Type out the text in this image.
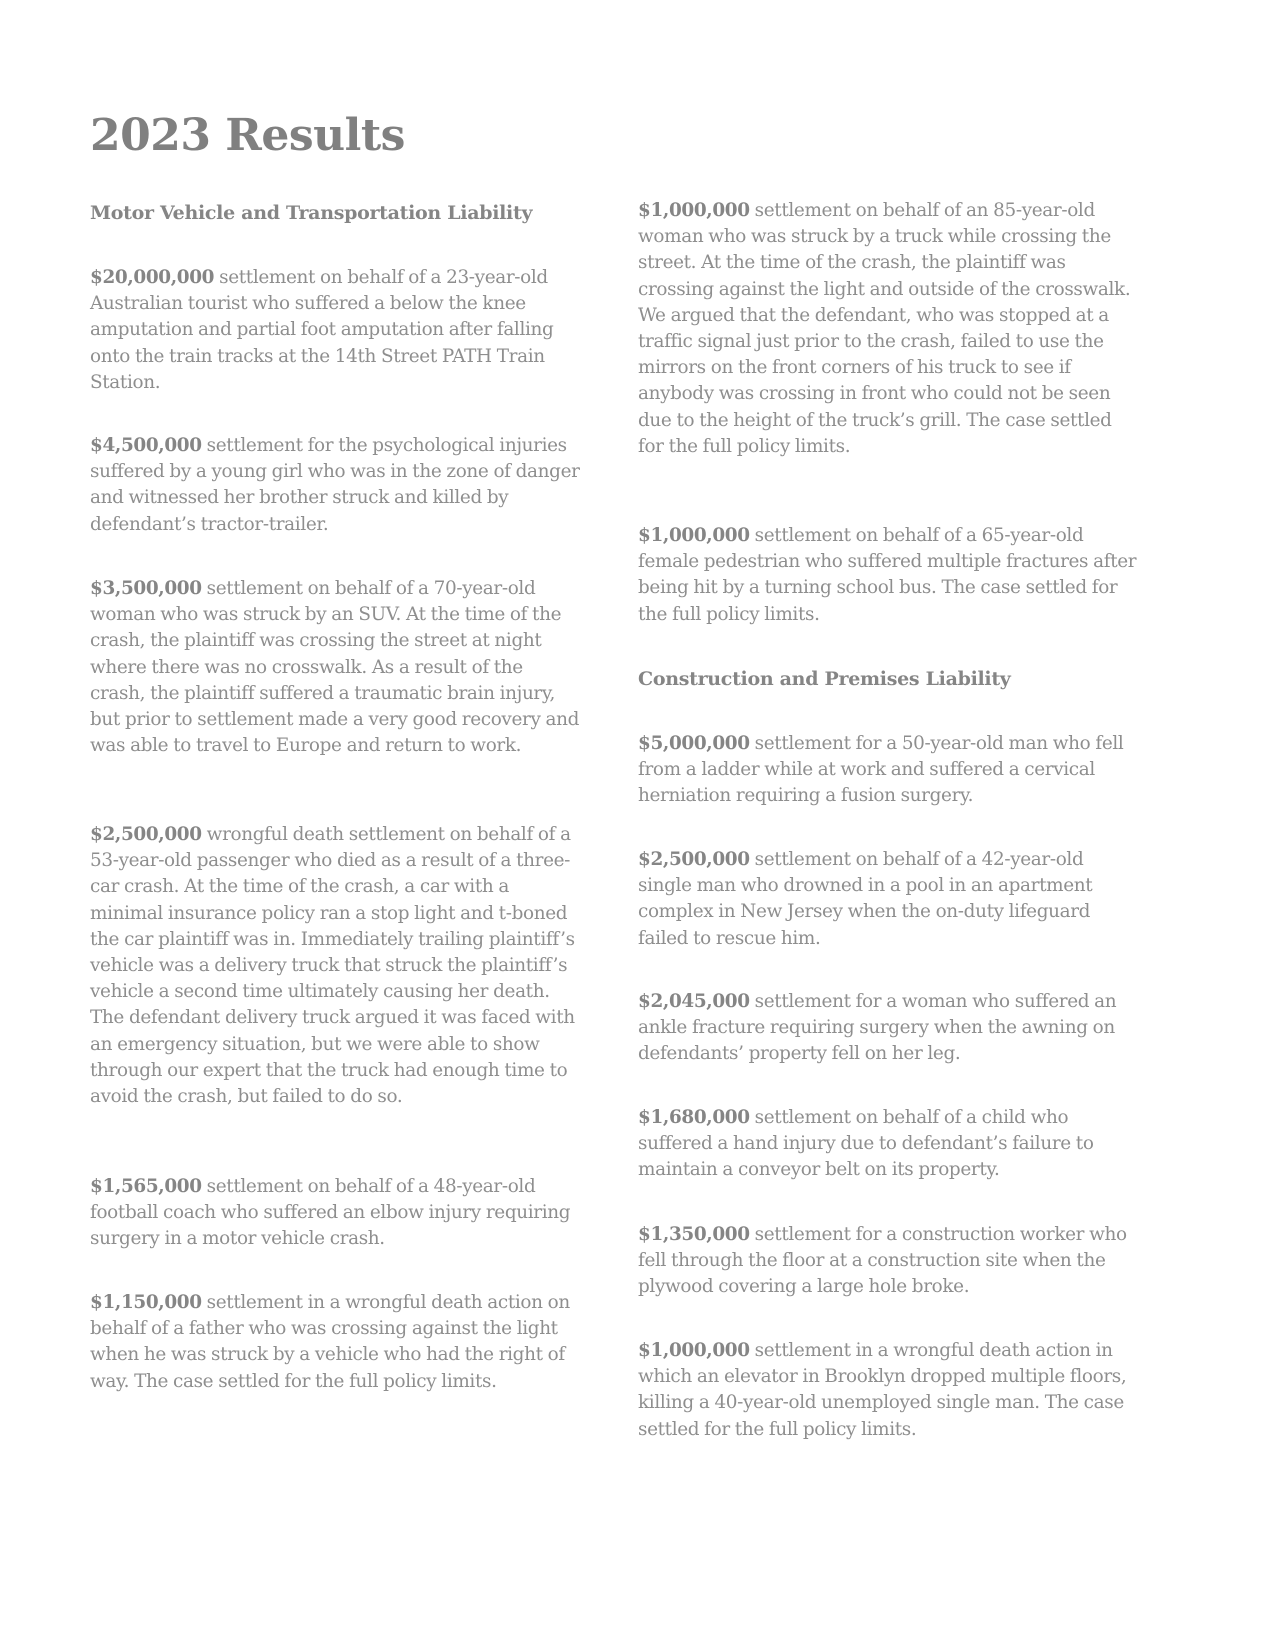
2023 Results
Motor Vehicle and Transportation Liability

$20,000,000 settlement on behalf of a 23-year-old Australian tourist who suffered a below the knee amputation and partial foot amputation after falling onto the train tracks at the 14th Street PATH Train Station.

$4,500,000 settlement for the psychological injuries suffered by a young girl who was in the zone of danger and witnessed her brother struck and killed by defendant’s tractor-trailer.

$3,500,000 settlement on behalf of a 70-year-old woman who was struck by an SUV. At the time of the crash, the plaintiff was crossing the street at night where there was no crosswalk. As a result of the crash, the plaintiff suffered a traumatic brain injury, but prior to settlement made a very good recovery and was able to travel to Europe and return to work.

$2,500,000 wrongful death settlement on behalf of a 53-year-old passenger who died as a result of a three-car crash. At the time of the crash, a car with a minimal insurance policy ran a stop light and t-boned the car plaintiff was in. Immediately trailing plaintiff’s vehicle was a delivery truck that struck the plaintiff’s vehicle a second time ultimately causing her death. The defendant delivery truck argued it was faced with an emergency situation, but we were able to show through our expert that the truck had enough time to avoid the crash, but failed to do so.

$1,565,000 settlement on behalf of a 48-year-old football coach who suffered an elbow injury requiring surgery in a motor vehicle crash.

$1,150,000 settlement in a wrongful death action on behalf of a father who was crossing against the light when he was struck by a vehicle who had the right of way. The case settled for the full policy limits.

$1,000,000 settlement on behalf of an 85-year-old woman who was struck by a truck while crossing the street. At the time of the crash, the plaintiff was crossing against the light and outside of the crosswalk. We argued that the defendant, who was stopped at a traffic signal just prior to the crash, failed to use the mirrors on the front corners of his truck to see if anybody was crossing in front who could not be seen due to the height of the truck’s grill. The case settled for the full policy limits.

$1,000,000 settlement on behalf of a 65-year-old female pedestrian who suffered multiple fractures after being hit by a turning school bus. The case settled for the full policy limits.

Construction and Premises Liability

$5,000,000 settlement for a 50-year-old man who fell from a ladder while at work and suffered a cervical herniation requiring a fusion surgery.

$2,500,000 settlement on behalf of a 42-year-old single man who drowned in a pool in an apartment complex in New Jersey when the on-duty lifeguard failed to rescue him.

$2,045,000 settlement for a woman who suffered an ankle fracture requiring surgery when the awning on defendants’ property fell on her leg.

$1,680,000 settlement on behalf of a child who suffered a hand injury due to defendant’s failure to maintain a conveyor belt on its property.

$1,350,000 settlement for a construction worker who fell through the floor at a construction site when the plywood covering a large hole broke.

$1,000,000 settlement in a wrongful death action in which an elevator in Brooklyn dropped multiple floors, killing a 40-year-old unemployed single man. The case settled for the full policy limits.
